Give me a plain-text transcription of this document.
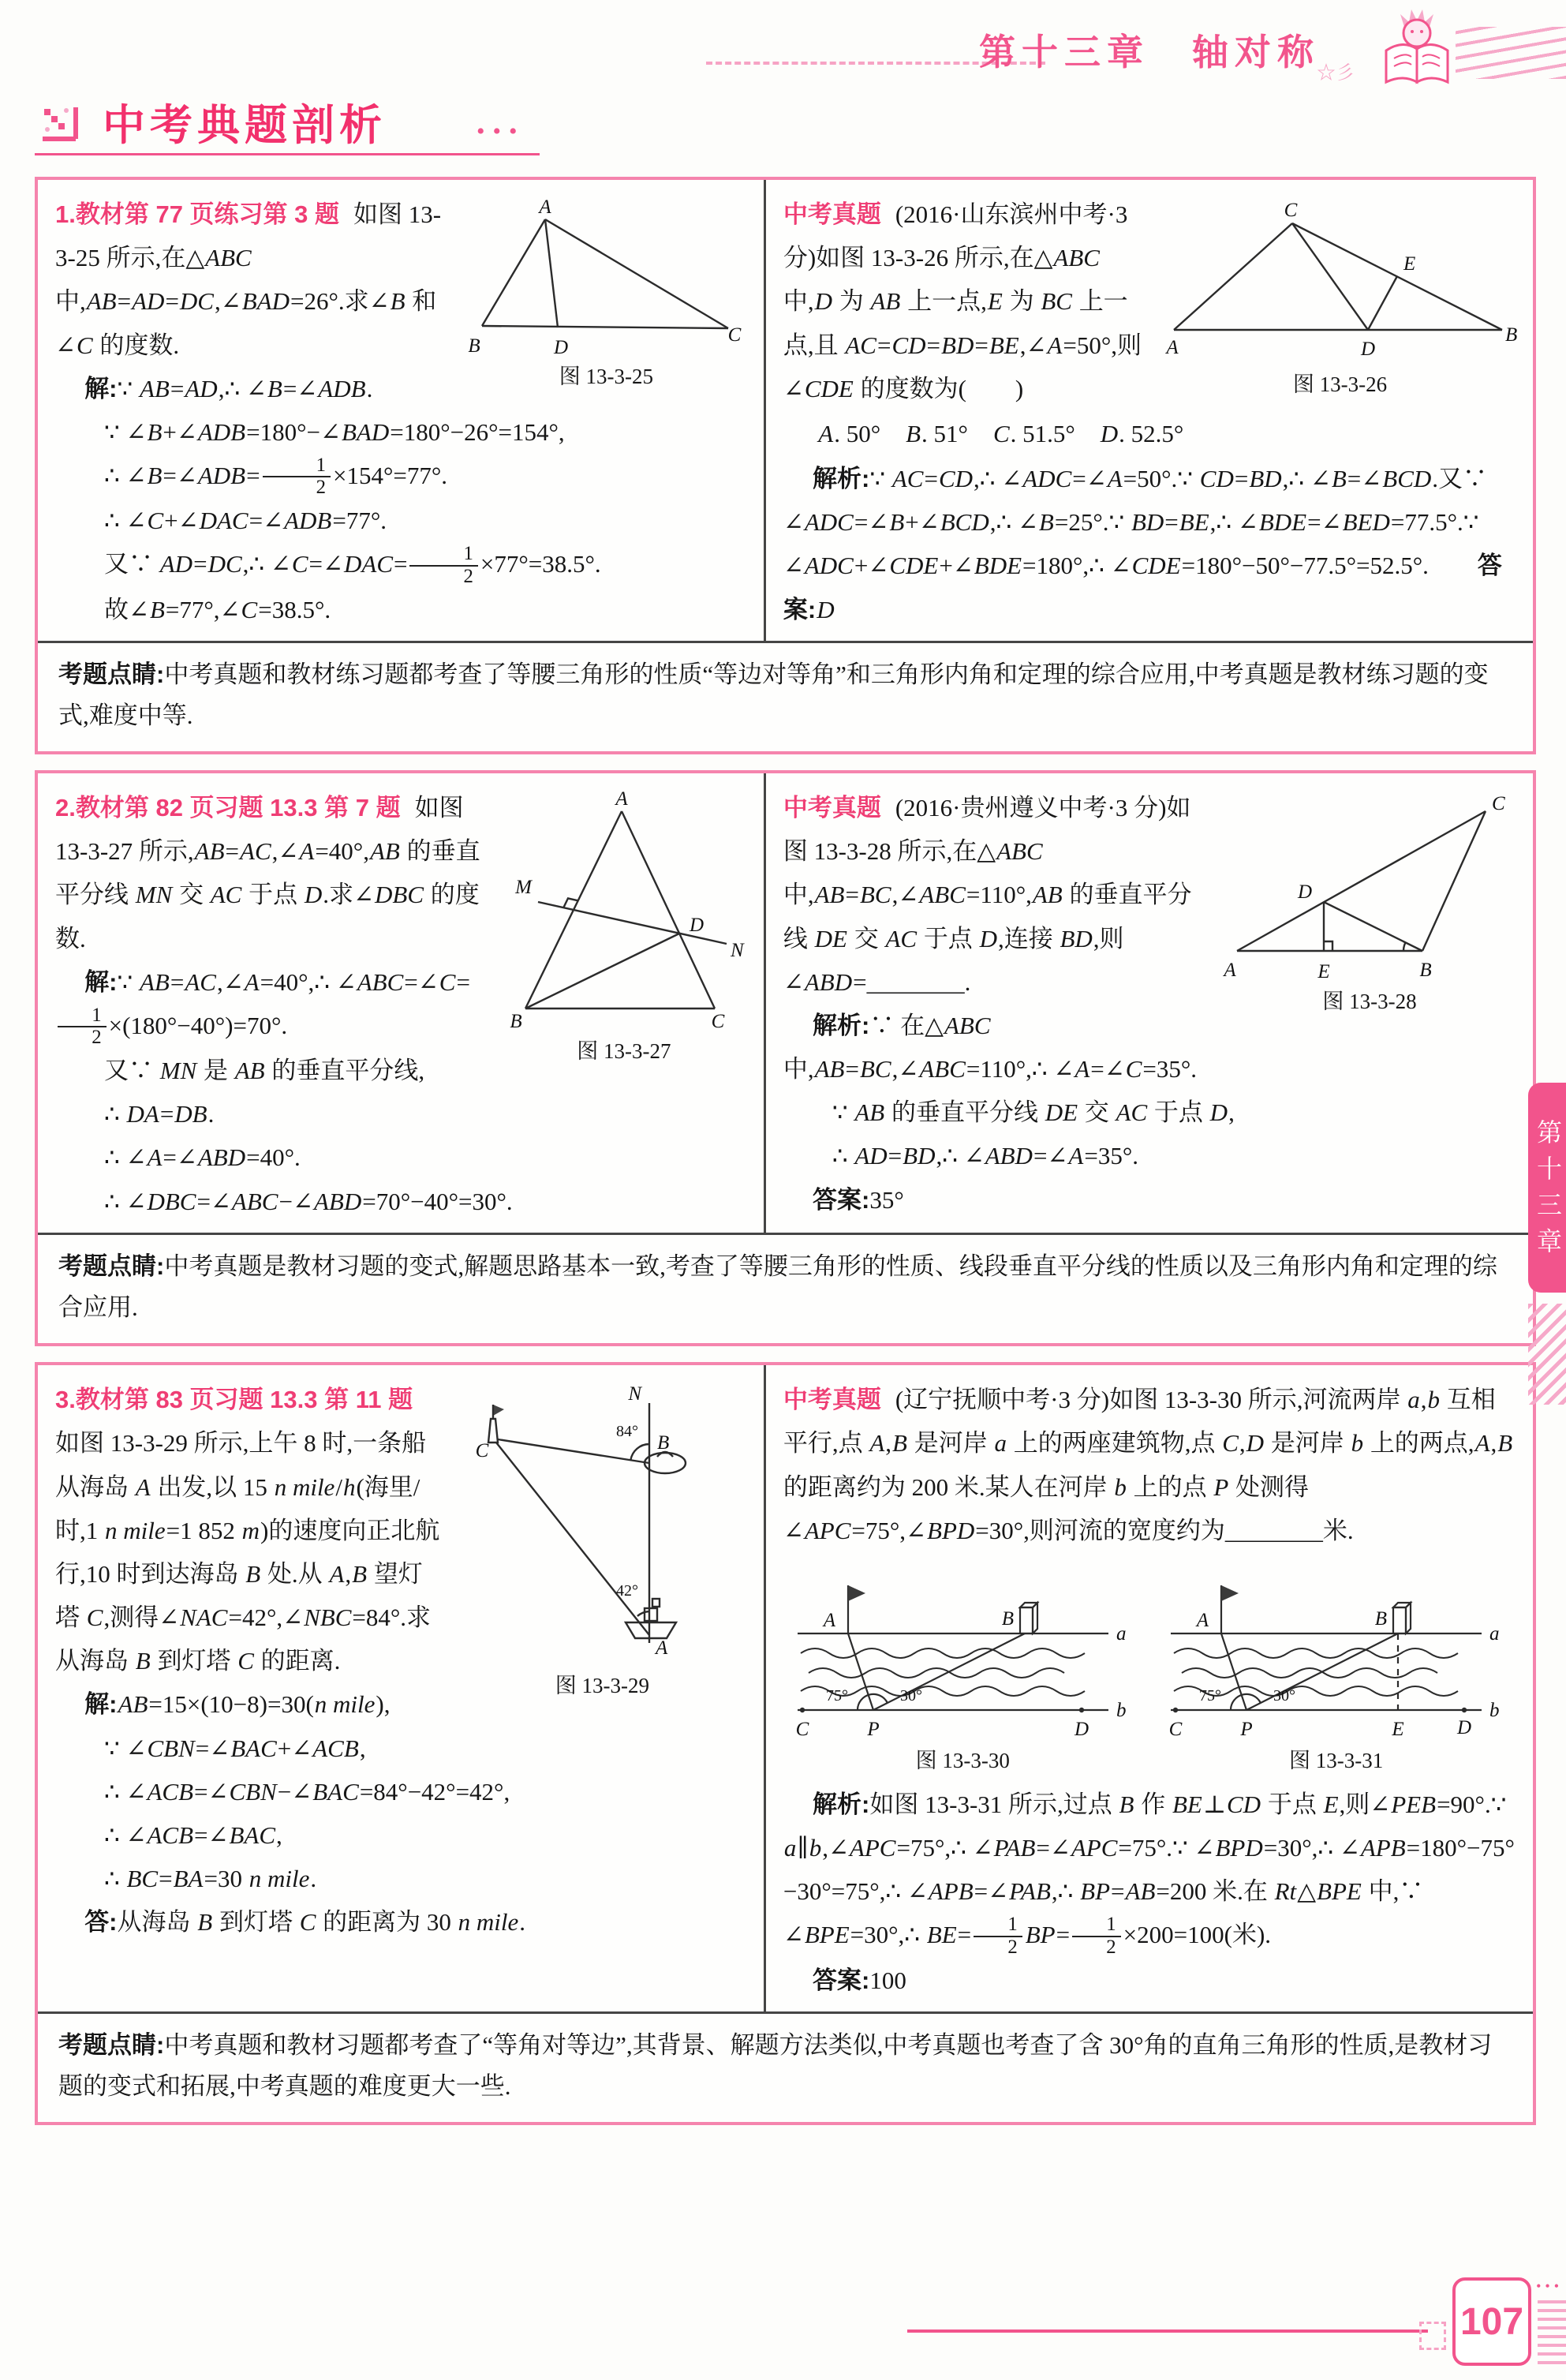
第十三章　轴对称
☆彡
中考典题剖析	•••
A
B	D
C
图 13-3-25

1.教材第 77 页练习第 3 题 如图 13-3-25 所示,在△ABC 中,AB=AD=DC,∠BAD=26°.求∠B 和∠C 的度数.

解:∵ AB=AD,∴ ∠B=∠ADB.
∵ ∠B+∠ADB=180°−∠BAD=180°−26°=154°,
∴ ∠B=∠ADB= $\frac{1}{2} \times 154^\circ=77^\circ$.
∴ ∠C+∠DAC=∠ADB=77°.
又∵ AD=DC,∴ ∠C=∠DAC= $\frac{1}{2} \times 77^\circ=38.5^\circ$.
故∠B=77°,∠C=38.5°.
C
E
A	D
B
图 13-3-26

中考真题 (2016·山东滨州中考·3 分)如图 13-3-26 所示,在△ABC 中,D 为 AB 上一点,E 为 BC 上一点,且 AC=CD=BD=BE,∠A=50°,则∠CDE 的度数为(　　)

A. 50°　B. 51°　C. 51.5°　D. 52.5°
解析:∵ AC=CD,∴ ∠ADC=∠A=50°.∵ CD=BD,∴ ∠B=∠BCD.又∵ ∠ADC=∠B+∠BCD,∴ ∠B=25°.∵ BD=BE,∴ ∠BDE=∠BED=77.5°.∵ ∠ADC+∠CDE+∠BDE=180°,∴ ∠CDE=180°−50°−77.5°=52.5°.　　答案:D
考题点睛:中考真题和教材练习题都考查了等腰三角形的性质“等边对等角”和三角形内角和定理的综合应用,中考真题是教材练习题的变式,难度中等.
A
M
D
N
B	C
图 13-3-27

2.教材第 82 页习题 13.3 第 7 题 如图 13-3-27 所示,AB=AC,∠A=40°,AB 的垂直平分线 MN 交 AC 于点 D.求∠DBC 的度数.

解:∵ AB=AC,∠A=40°,∴ ∠ABC=∠C=
$\frac{1}{2} \times(180^\circ-40^\circ)=70^\circ$.
又∵ MN 是 AB 的垂直平分线,
∴ DA=DB.
∴ ∠A=∠ABD=40°.
∴ ∠DBC=∠ABC−∠ABD=70°−40°=30°.
D
C
A	E	B
图 13-3-28

中考真题 (2016·贵州遵义中考·3 分)如图 13-3-28 所示,在△ABC 中,AB=BC,∠ABC=110°,AB 的垂直平分线 DE 交 AC 于点 D,连接 BD,则∠ABD=________.

解析:∵ 在△ABC 中,AB=BC,∠ABC=110°,∴ ∠A=∠C=35°.
∵ AB 的垂直平分线 DE 交 AC 于点 D,
∴ AD=BD,∴ ∠ABD=∠A=35°.
答案:35°
考题点睛:中考真题是教材习题的变式,解题思路基本一致,考查了等腰三角形的性质、线段垂直平分线的性质以及三角形内角和定理的综合应用.
N
C	B
A
84°
42°
图 13-3-29

3.教材第 83 页习题 13.3 第 11 题如图 13-3-29 所示,上午 8 时,一条船从海岛 A 出发,以 15 n mile/h(海里/时,1 n mile=1 852 m)的速度向正北航行,10 时到达海岛 B 处.从 A,B 望灯塔 C,测得∠NAC=42°,∠NBC=84°.求从海岛 B 到灯塔 C 的距离.

解:AB=15×(10−8)=30(n mile),
∵ ∠CBN=∠BAC+∠ACB,
∴ ∠ACB=∠CBN−∠BAC=84°−42°=42°,
∴ ∠ACB=∠BAC,
∴ BC=BA=30 n mile.
答:从海岛 B 到灯塔 C 的距离为 30 n mile.

中考真题 (辽宁抚顺中考·3 分)如图 13-3-30 所示,河流两岸 a,b 互相平行,点 A,B 是河岸 a 上的两座建筑物,点 C,D 是河岸 b 上的两点,A,B 的距离约为 200 米.某人在河岸 b 上的点 P 处测得∠APC=75°,∠BPD=30°,则河流的宽度约为________米.

A	B
a
C	P	D
b
75°	30°
图 13-3-30
A	B
a
C	P	E	D
b
75°	30°
图 13-3-31
解析:如图 13-3-31 所示,过点 B 作 BE⊥CD 于点 E,则∠PEB=90°.∵ a∥b,∠APC=75°,∴ ∠PAB=∠APC=75°.∵ ∠BPD=30°,∴ ∠APB=180°−75°−30°=75°,∴ ∠APB=∠PAB,∴ BP=AB=200 米.在 Rt△BPE 中,∵ ∠BPE=30°,∴ $BE= \frac{1}{2} BP= \frac{1}{2} \times 200=100$(米).
答案:100
考题点睛:中考真题和教材习题都考查了“等角对等边”,其背景、解题方法类似,中考真题也考查了含 30°角的直角三角形的性质,是教材习题的变式和拓展,中考真题的难度更大一些.
第十三章
107
•••
